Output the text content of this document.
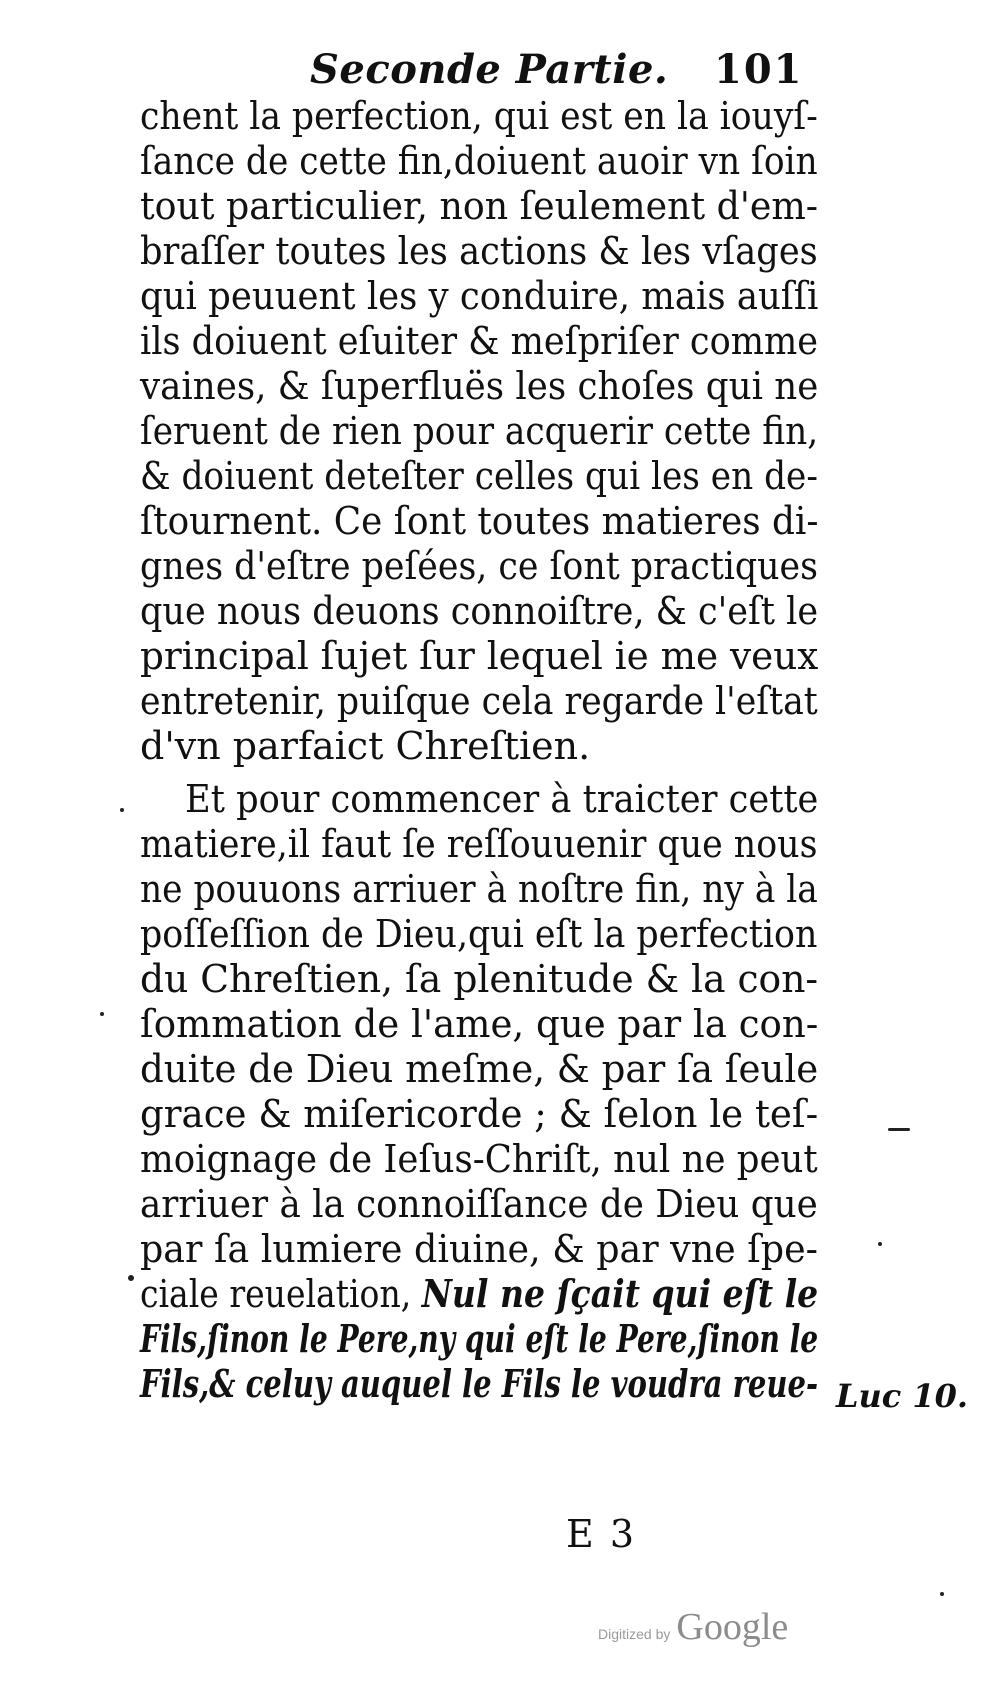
Seconde Partie. 101
chent la perfection, qui est en la iouyſ-
ſance de cette fin,doiuent auoir vn ſoin
tout particulier, non ſeulement d'em-
braſſer toutes les actions & les vſages
qui peuuent les y conduire, mais auſſi
ils doiuent eſuiter & meſpriſer comme
vaines, & ſuperfluës les choſes qui ne
ſeruent de rien pour acquerir cette fin,
& doiuent deteſter celles qui les en de-
ſtournent. Ce ſont toutes matieres di-
gnes d'eſtre peſées, ce ſont practiques
que nous deuons connoiſtre, & c'eſt le
principal ſujet ſur lequel ie me veux
entretenir, puiſque cela regarde l'eſtat
d'vn parfaict Chreſtien.
Et pour commencer à traicter cette
matiere,il faut ſe reſſouuenir que nous
ne pouuons arriuer à noſtre fin, ny à la
poſſeſſion de Dieu,qui eſt la perfection
du Chreſtien, ſa plenitude & la con-
ſommation de l'ame, que par la con-
duite de Dieu meſme, & par ſa ſeule
grace & miſericorde ; & ſelon le teſ-
moignage de Ieſus-Chriſt, nul ne peut
arriuer à la connoiſſance de Dieu que
par ſa lumiere diuine, & par vne ſpe-
ciale reuelation, Nul ne ſçait qui eſt le
Fils,ſinon le Pere,ny qui eſt le Pere,ſinon le
Fils,& celuy auquel le Fils le voudra reue- Luc 10.
E 3
Digitized by Google
